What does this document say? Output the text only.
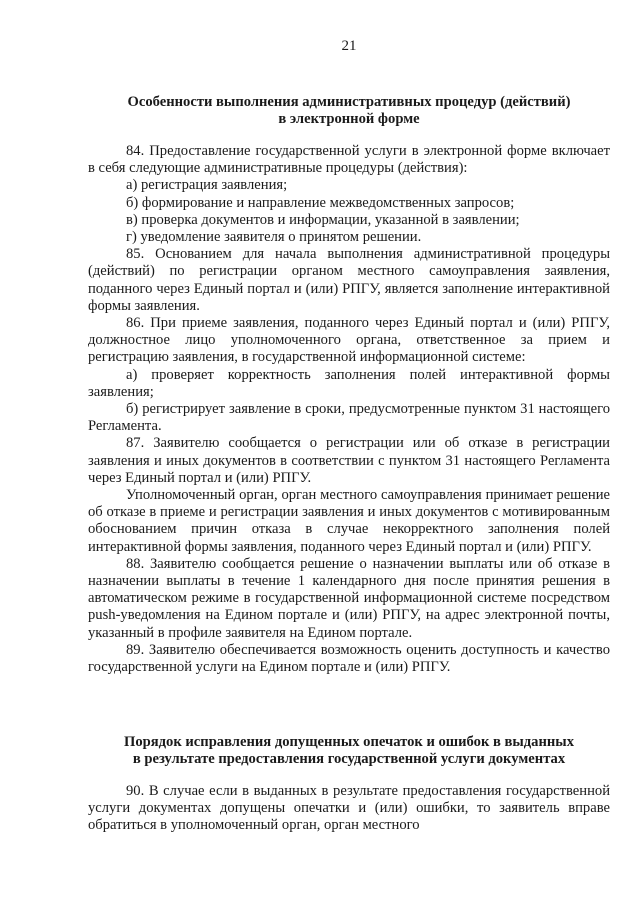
21
Особенности выполнения административных процедур (действий)
в электронной форме

84. Предоставление государственной услуги в электронной форме включает в себя следующие административные процедуры (действия):

а) регистрация заявления;

б) формирование и направление межведомственных запросов;

в) проверка документов и информации, указанной в заявлении;

г) уведомление заявителя о принятом решении.

85. Основанием для начала выполнения административной процедуры (действий) по регистрации органом местного самоуправления заявления, поданного через Единый портал и (или) РПГУ, является заполнение интерактивной формы заявления.

86. При приеме заявления, поданного через Единый портал и (или) РПГУ, должностное лицо уполномоченного органа, ответственное за прием и регистрацию заявления, в государственной информационной системе:

а) проверяет корректность заполнения полей интерактивной формы заявления;

б) регистрирует заявление в сроки, предусмотренные пунктом 31 настоящего Регламента.

87. Заявителю сообщается о регистрации или об отказе в регистрации заявления и иных документов в соответствии с пунктом 31 настоящего Регламента через Единый портал и (или) РПГУ.

Уполномоченный орган, орган местного самоуправления принимает решение об отказе в приеме и регистрации заявления и иных документов с мотивированным обоснованием причин отказа в случае некорректного заполнения полей интерактивной формы заявления, поданного через Единый портал и (или) РПГУ.

88. Заявителю сообщается решение о назначении выплаты или об отказе в назначении выплаты в течение 1 календарного дня после принятия решения в автоматическом режиме в государственной информационной системе посредством push-уведомления на Едином портале и (или) РПГУ, на адрес электронной почты, указанный в профиле заявителя на Едином портале.

89. Заявителю обеспечивается возможность оценить доступность и качество государственной услуги на Едином портале и (или) РПГУ.

Порядок исправления допущенных опечаток и ошибок в выданных
в результате предоставления государственной услуги документах

90. В случае если в выданных в результате предоставления государственной услуги документах допущены опечатки и (или) ошибки, то заявитель вправе обратиться в уполномоченный орган, орган местного
